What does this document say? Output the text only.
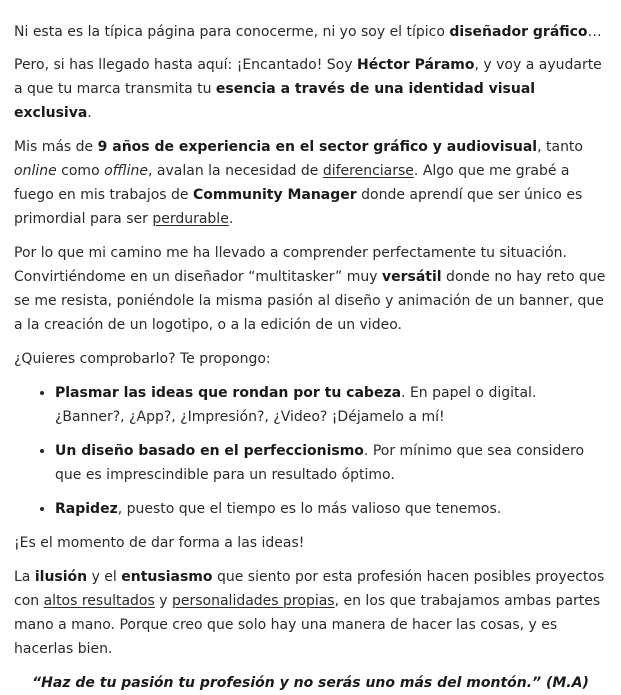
Ni esta es la típica página para conocerme, ni yo soy el típico diseñador gráfico…

Pero, si has llegado hasta aquí: ¡Encantado! Soy Héctor Páramo, y voy a ayudarte a que tu marca transmita tu esencia a través de una identidad visual exclusiva.

Mis más de 9 años de experiencia en el sector gráfico y audiovisual, tanto online como offline, avalan la necesidad de diferenciarse. Algo que me grabé a fuego en mis trabajos de Community Manager donde aprendí que ser único es primordial para ser perdurable.

Por lo que mi camino me ha llevado a comprender perfectamente tu situación. Convirtiéndome en un diseñador “multitasker” muy versátil donde no hay reto que se me resista, poniéndole la misma pasión al diseño y animación de un banner, que a la creación de un logotipo, o a la edición de un video.

¿Quieres comprobarlo? Te propongo:

• Plasmar las ideas que rondan por tu cabeza. En papel o digital. ¿Banner?, ¿App?, ¿Impresión?, ¿Video? ¡Déjamelo a mí!
• Un diseño basado en el perfeccionismo. Por mínimo que sea considero que es imprescindible para un resultado óptimo.
• Rapidez, puesto que el tiempo es lo más valioso que tenemos.

¡Es el momento de dar forma a las ideas!

La ilusión y el entusiasmo que siento por esta profesión hacen posibles proyectos con altos resultados y personalidades propias, en los que trabajamos ambas partes mano a mano. Porque creo que solo hay una manera de hacer las cosas, y es hacerlas bien.

“Haz de tu pasión tu profesión y no serás uno más del montón.” (M.A)
